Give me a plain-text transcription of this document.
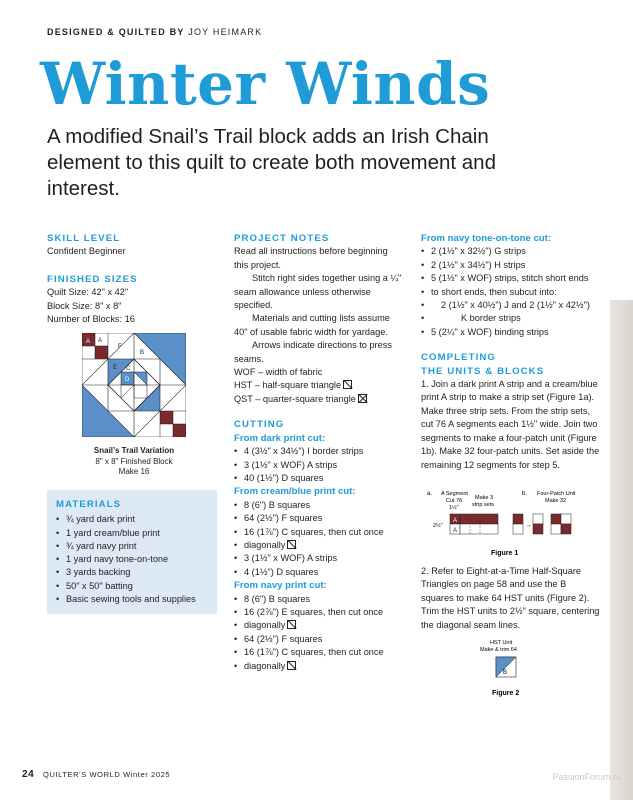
DESIGNED & QUILTED BY JOY HEIMARK
Winter Winds
A modified Snail’s Trail block adds an Irish Chain element to this quilt to create both movement and interest.
SKILL LEVEL
Confident Beginner
FINISHED SIZES
Quilt Size: 42" x 42"
Block Size: 8" x 8"
Number of Blocks: 16
A A
F
B
E C
D
Snail’s Trail Variation
8" x 8" Finished Block
Make 16
MATERIALS
• ¾ yard dark print
• 1 yard cream/blue print
• ¾ yard navy print
• 1 yard navy tone-on-tone
• 3 yards backing
• 50" x 50" batting
• Basic sewing tools and supplies
PROJECT NOTES
Read all instructions before beginning this project.
Stitch right sides together using a ¼" seam allowance unless otherwise specified.
Materials and cutting lists assume 40" of usable fabric width for yardage.
Arrows indicate directions to press seams.
WOF – width of fabric
HST – half-square triangle
QST – quarter-square triangle
CUTTING
From dark print cut:
• 4 (3½" x 34½") I border strips
• 3 (1½" x WOF) A strips
• 40 (1½") D squares
From cream/blue print cut:
• 8 (6") B squares
• 64 (2½") F squares
• 16 (1⅞") C squares, then cut once
• diagonally
• 3 (1½" x WOF) A strips
• 4 (1½") D squares
From navy print cut:
• 8 (6") B squares
• 16 (2⅞") E squares, then cut once
• diagonally
• 64 (2½") F squares
• 16 (1⅞") C squares, then cut once
• diagonally
From navy tone-on-tone cut:
• 2 (1½" x 32½") G strips
• 2 (1½" x 34½") H strips
• 5 (1½" x WOF) strips, stitch short ends
• to short ends, then subcut into:
• 2 (1½" x 40½") J and 2 (1½" x 42½")
• K border strips
• 5 (2¼" x WOF) binding strips
COMPLETING
THE UNITS & BLOCKS
1. Join a dark print A strip and a cream/blue print A strip to make a strip set (Figure 1a). Make three strip sets. From the strip sets, cut 76 A segments each 1½" wide. Join two segments to make a four-patch unit (Figure 1b). Make 32 four-patch units. Set aside the remaining 12 segments for step 5.
a. A Segment
Cut 76
1½"
Make 3
strip sets
2½"
A
A
b. Four-Patch Unit
Make 32
→
Figure 1
2. Refer to Eight-at-a-Time Half-Square Triangles on page 58 and use the B squares to make 64 HST units (Figure 2). Trim the HST units to 2½" square, centering the diagonal seam lines.
HST Unit
Make & trim 64
B
Figure 2
24 QUILTER'S WORLD Winter 2025	PassionForum.ru
